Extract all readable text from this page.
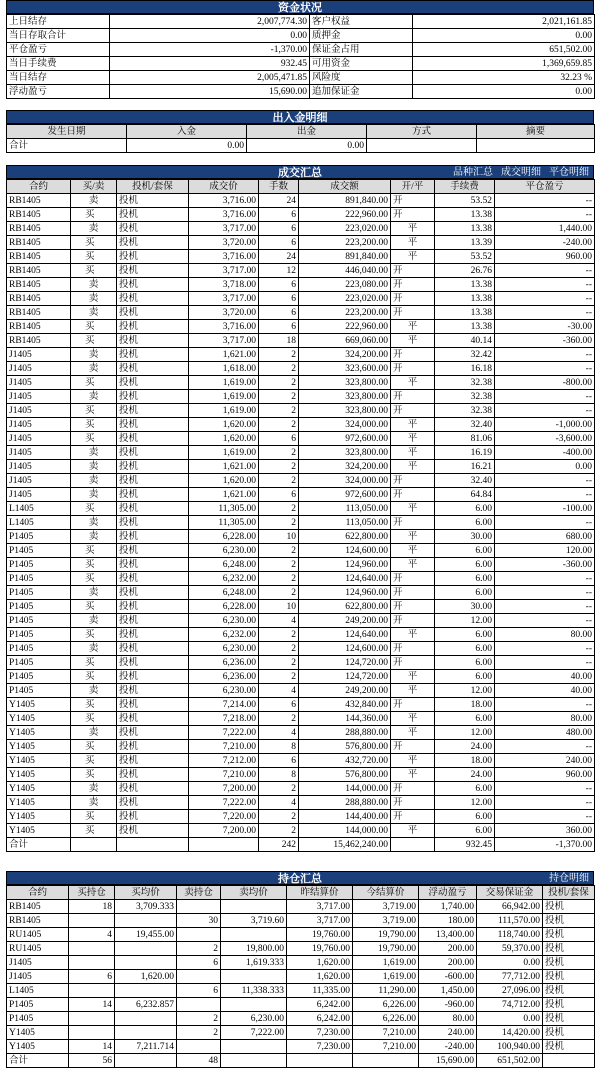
资金状况
上日结存	2,007,774.30	客户权益	2,021,161.85
当日存取合计	0.00	质押金	0.00
平仓盈亏	-1,370.00	保证金占用	651,502.00
当日手续费	932.45	可用资金	1,369,659.85
当日结存	2,005,471.85	风险度	32.23 %
浮动盈亏	15,690.00	追加保证金	0.00
出入金明细
发生日期	入金	出金	方式	摘要
合计	0.00	0.00		
成交汇总	品种汇总 成交明细 平仓明细
合约	买/卖	投机/套保	成交价	手数	成交额	开/平	手续费	平仓盈亏
RB1405	卖	投机	3,716.00	24	891,840.00	开	53.52	--
RB1405	买	投机	3,716.00	6	222,960.00	开	13.38	--
RB1405	卖	投机	3,717.00	6	223,020.00	平	13.38	1,440.00
RB1405	买	投机	3,720.00	6	223,200.00	平	13.39	-240.00
RB1405	买	投机	3,716.00	24	891,840.00	平	53.52	960.00
RB1405	买	投机	3,717.00	12	446,040.00	开	26.76	--
RB1405	卖	投机	3,718.00	6	223,080.00	开	13.38	--
RB1405	卖	投机	3,717.00	6	223,020.00	开	13.38	--
RB1405	卖	投机	3,720.00	6	223,200.00	开	13.38	--
RB1405	买	投机	3,716.00	6	222,960.00	平	13.38	-30.00
RB1405	买	投机	3,717.00	18	669,060.00	平	40.14	-360.00
J1405	卖	投机	1,621.00	2	324,200.00	开	32.42	--
J1405	卖	投机	1,618.00	2	323,600.00	开	16.18	--
J1405	买	投机	1,619.00	2	323,800.00	平	32.38	-800.00
J1405	卖	投机	1,619.00	2	323,800.00	开	32.38	--
J1405	买	投机	1,619.00	2	323,800.00	开	32.38	--
J1405	买	投机	1,620.00	2	324,000.00	平	32.40	-1,000.00
J1405	买	投机	1,620.00	6	972,600.00	平	81.06	-3,600.00
J1405	卖	投机	1,619.00	2	323,800.00	平	16.19	-400.00
J1405	卖	投机	1,621.00	2	324,200.00	平	16.21	0.00
J1405	卖	投机	1,620.00	2	324,000.00	开	32.40	--
J1405	卖	投机	1,621.00	6	972,600.00	开	64.84	--
L1405	买	投机	11,305.00	2	113,050.00	平	6.00	-100.00
L1405	卖	投机	11,305.00	2	113,050.00	开	6.00	--
P1405	卖	投机	6,228.00	10	622,800.00	平	30.00	680.00
P1405	买	投机	6,230.00	2	124,600.00	平	6.00	120.00
P1405	买	投机	6,248.00	2	124,960.00	平	6.00	-360.00
P1405	买	投机	6,232.00	2	124,640.00	开	6.00	--
P1405	卖	投机	6,248.00	2	124,960.00	开	6.00	--
P1405	买	投机	6,228.00	10	622,800.00	开	30.00	--
P1405	卖	投机	6,230.00	4	249,200.00	开	12.00	--
P1405	买	投机	6,232.00	2	124,640.00	平	6.00	80.00
P1405	卖	投机	6,230.00	2	124,600.00	开	6.00	--
P1405	买	投机	6,236.00	2	124,720.00	开	6.00	--
P1405	买	投机	6,236.00	2	124,720.00	平	6.00	40.00
P1405	卖	投机	6,230.00	4	249,200.00	平	12.00	40.00
Y1405	买	投机	7,214.00	6	432,840.00	开	18.00	--
Y1405	买	投机	7,218.00	2	144,360.00	平	6.00	80.00
Y1405	卖	投机	7,222.00	4	288,880.00	平	12.00	480.00
Y1405	买	投机	7,210.00	8	576,800.00	开	24.00	--
Y1405	买	投机	7,212.00	6	432,720.00	平	18.00	240.00
Y1405	买	投机	7,210.00	8	576,800.00	平	24.00	960.00
Y1405	卖	投机	7,200.00	2	144,000.00	开	6.00	--
Y1405	卖	投机	7,222.00	4	288,880.00	开	12.00	--
Y1405	买	投机	7,220.00	2	144,400.00	开	6.00	--
Y1405	买	投机	7,200.00	2	144,000.00	平	6.00	360.00
合计				242	15,462,240.00		932.45	-1,370.00
持仓汇总	持仓明细
合约	买持仓	买均价	卖持仓	卖均价	昨结算价	今结算价	浮动盈亏	交易保证金	投机/套保
RB1405	18	3,709.333			3,717.00	3,719.00	1,740.00	66,942.00	投机
RB1405			30	3,719.60	3,717.00	3,719.00	180.00	111,570.00	投机
RU1405	4	19,455.00			19,760.00	19,790.00	13,400.00	118,740.00	投机
RU1405			2	19,800.00	19,760.00	19,790.00	200.00	59,370.00	投机
J1405			6	1,619.333	1,620.00	1,619.00	200.00	0.00	投机
J1405	6	1,620.00			1,620.00	1,619.00	-600.00	77,712.00	投机
L1405			6	11,338.333	11,335.00	11,290.00	1,450.00	27,096.00	投机
P1405	14	6,232.857			6,242.00	6,226.00	-960.00	74,712.00	投机
P1405			2	6,230.00	6,242.00	6,226.00	80.00	0.00	投机
Y1405			2	7,222.00	7,230.00	7,210.00	240.00	14,420.00	投机
Y1405	14	7,211.714			7,230.00	7,210.00	-240.00	100,940.00	投机
合计	56		48				15,690.00	651,502.00	
